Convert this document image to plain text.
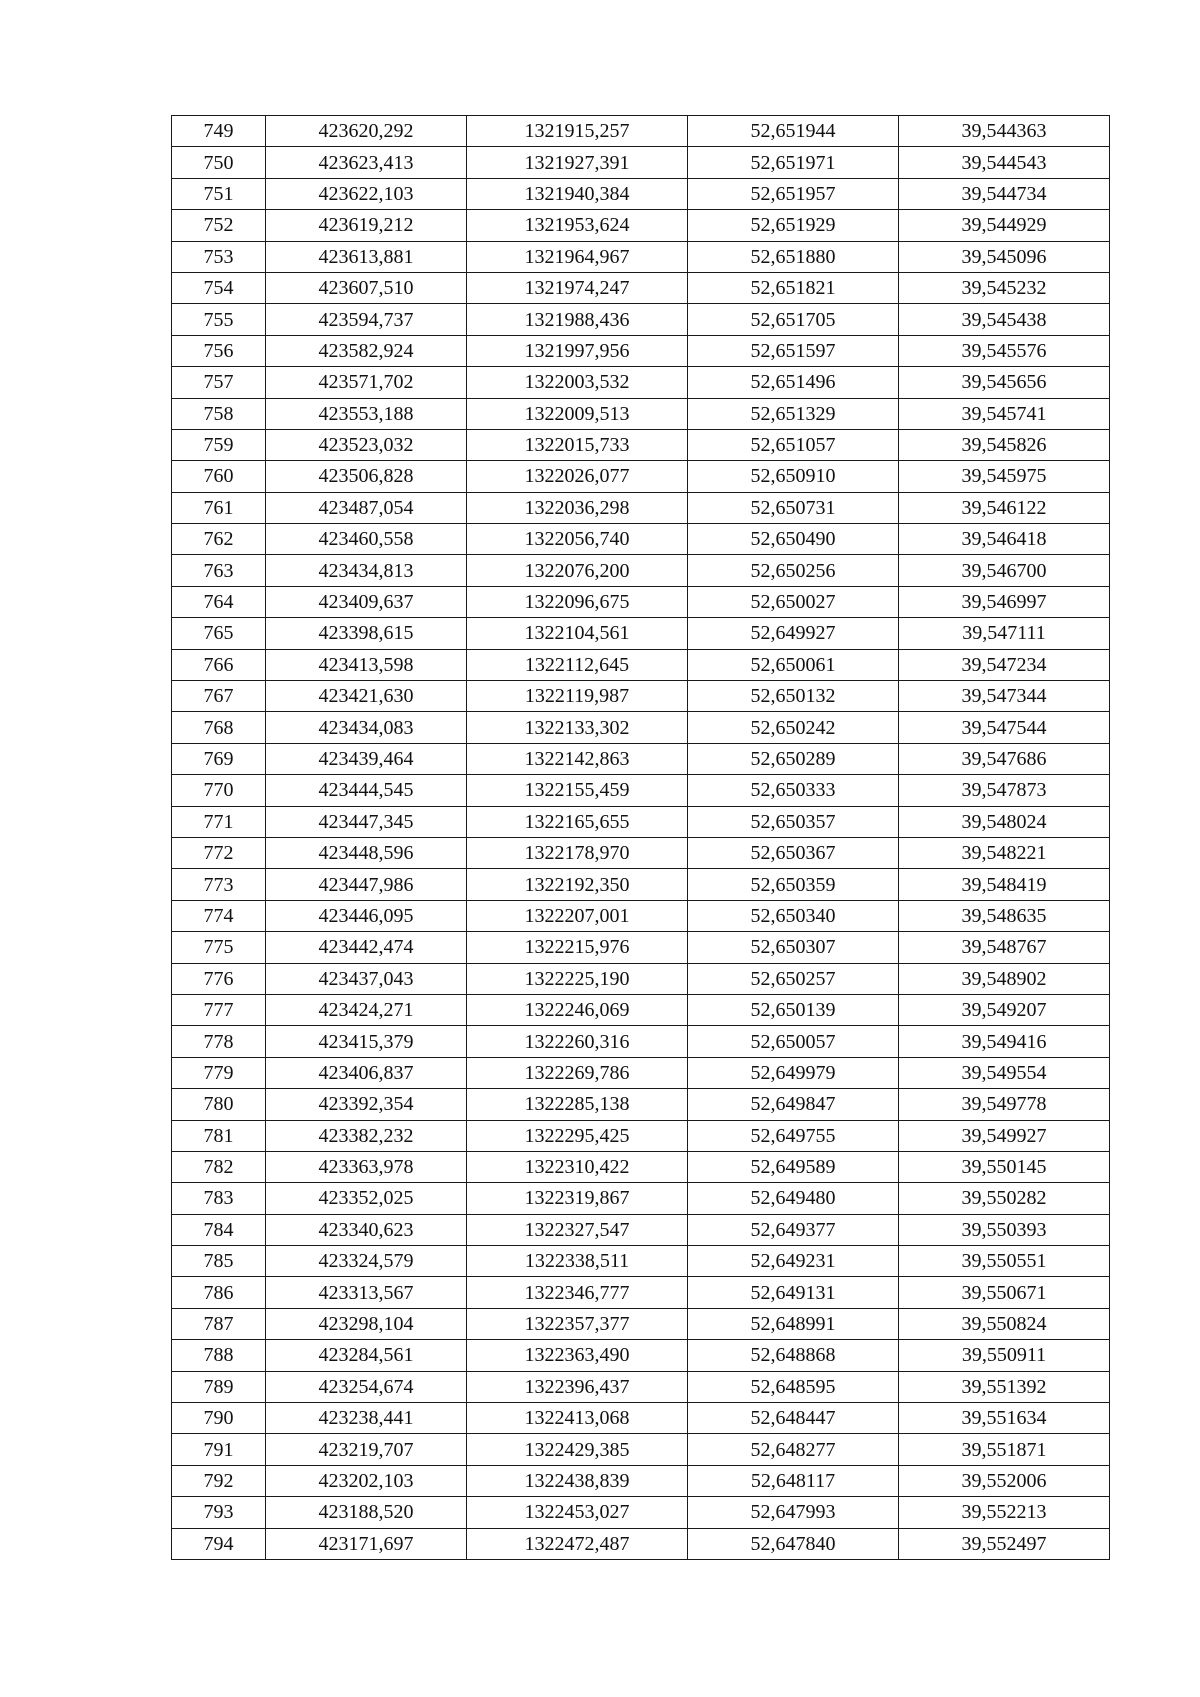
749	423620,292	1321915,257	52,651944	39,544363
750	423623,413	1321927,391	52,651971	39,544543
751	423622,103	1321940,384	52,651957	39,544734
752	423619,212	1321953,624	52,651929	39,544929
753	423613,881	1321964,967	52,651880	39,545096
754	423607,510	1321974,247	52,651821	39,545232
755	423594,737	1321988,436	52,651705	39,545438
756	423582,924	1321997,956	52,651597	39,545576
757	423571,702	1322003,532	52,651496	39,545656
758	423553,188	1322009,513	52,651329	39,545741
759	423523,032	1322015,733	52,651057	39,545826
760	423506,828	1322026,077	52,650910	39,545975
761	423487,054	1322036,298	52,650731	39,546122
762	423460,558	1322056,740	52,650490	39,546418
763	423434,813	1322076,200	52,650256	39,546700
764	423409,637	1322096,675	52,650027	39,546997
765	423398,615	1322104,561	52,649927	39,547111
766	423413,598	1322112,645	52,650061	39,547234
767	423421,630	1322119,987	52,650132	39,547344
768	423434,083	1322133,302	52,650242	39,547544
769	423439,464	1322142,863	52,650289	39,547686
770	423444,545	1322155,459	52,650333	39,547873
771	423447,345	1322165,655	52,650357	39,548024
772	423448,596	1322178,970	52,650367	39,548221
773	423447,986	1322192,350	52,650359	39,548419
774	423446,095	1322207,001	52,650340	39,548635
775	423442,474	1322215,976	52,650307	39,548767
776	423437,043	1322225,190	52,650257	39,548902
777	423424,271	1322246,069	52,650139	39,549207
778	423415,379	1322260,316	52,650057	39,549416
779	423406,837	1322269,786	52,649979	39,549554
780	423392,354	1322285,138	52,649847	39,549778
781	423382,232	1322295,425	52,649755	39,549927
782	423363,978	1322310,422	52,649589	39,550145
783	423352,025	1322319,867	52,649480	39,550282
784	423340,623	1322327,547	52,649377	39,550393
785	423324,579	1322338,511	52,649231	39,550551
786	423313,567	1322346,777	52,649131	39,550671
787	423298,104	1322357,377	52,648991	39,550824
788	423284,561	1322363,490	52,648868	39,550911
789	423254,674	1322396,437	52,648595	39,551392
790	423238,441	1322413,068	52,648447	39,551634
791	423219,707	1322429,385	52,648277	39,551871
792	423202,103	1322438,839	52,648117	39,552006
793	423188,520	1322453,027	52,647993	39,552213
794	423171,697	1322472,487	52,647840	39,552497
